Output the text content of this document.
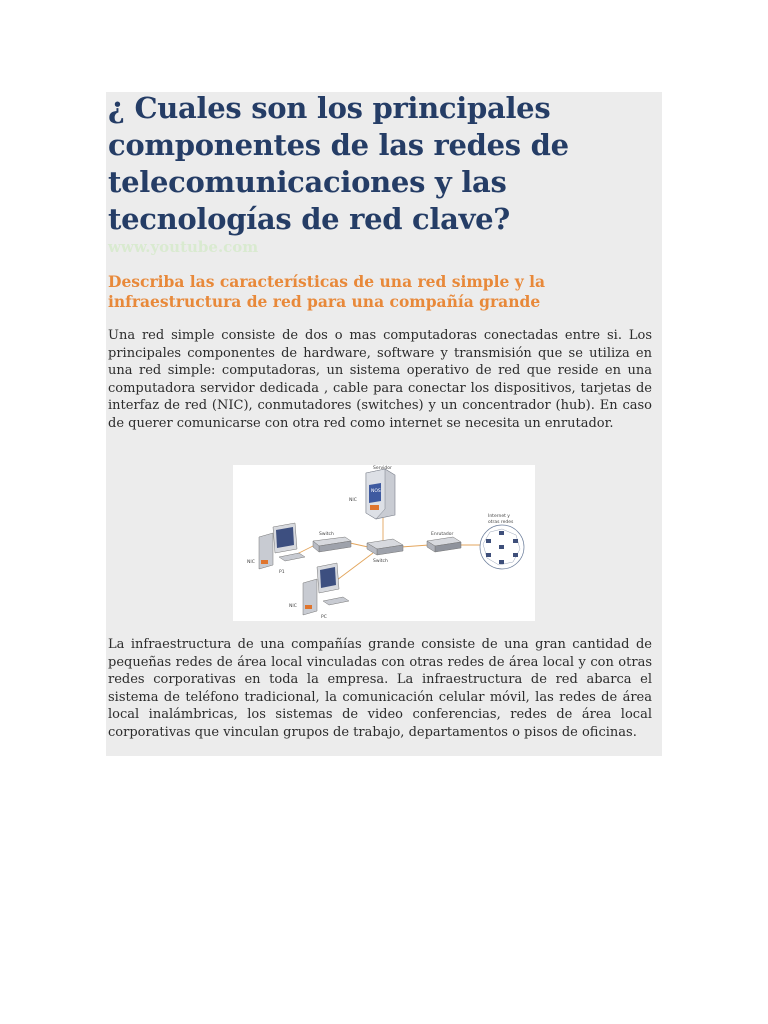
¿ Cuales son los principales componentes de las redes de telecomunicaciones y las tecnologías de red clave?
www.youtube.com
Describa las características de una red simple y la infraestructura de red para una compañía grande

Una red simple consiste de dos o mas computadoras conectadas entre si. Los principales componentes de hardware, software y transmisión que se utiliza en una red simple: computadoras, un sistema operativo de red que reside en una computadora servidor dedicada , cable para conectar los dispositivos, tarjetas de interfaz de red (NIC), conmutadores (switches) y un concentrador (hub). En caso de querer comunicarse con otra red como internet se necesita un enrutador.

Servidor
NOS
NIC
Switch
Switch
Enrutador
Internet y
otras redes
NIC
P1
NIC
PC

La infraestructura de una compañías grande consiste de una gran cantidad de pequeñas redes de área local vinculadas con otras redes de área local y con otras redes corporativas en toda la empresa. La infraestructura de red abarca el sistema de teléfono tradicional, la comunicación celular móvil, las redes de área local inalámbricas, los sistemas de video conferencias, redes de área local corporativas que vinculan grupos de trabajo, departamentos o pisos de oficinas.
